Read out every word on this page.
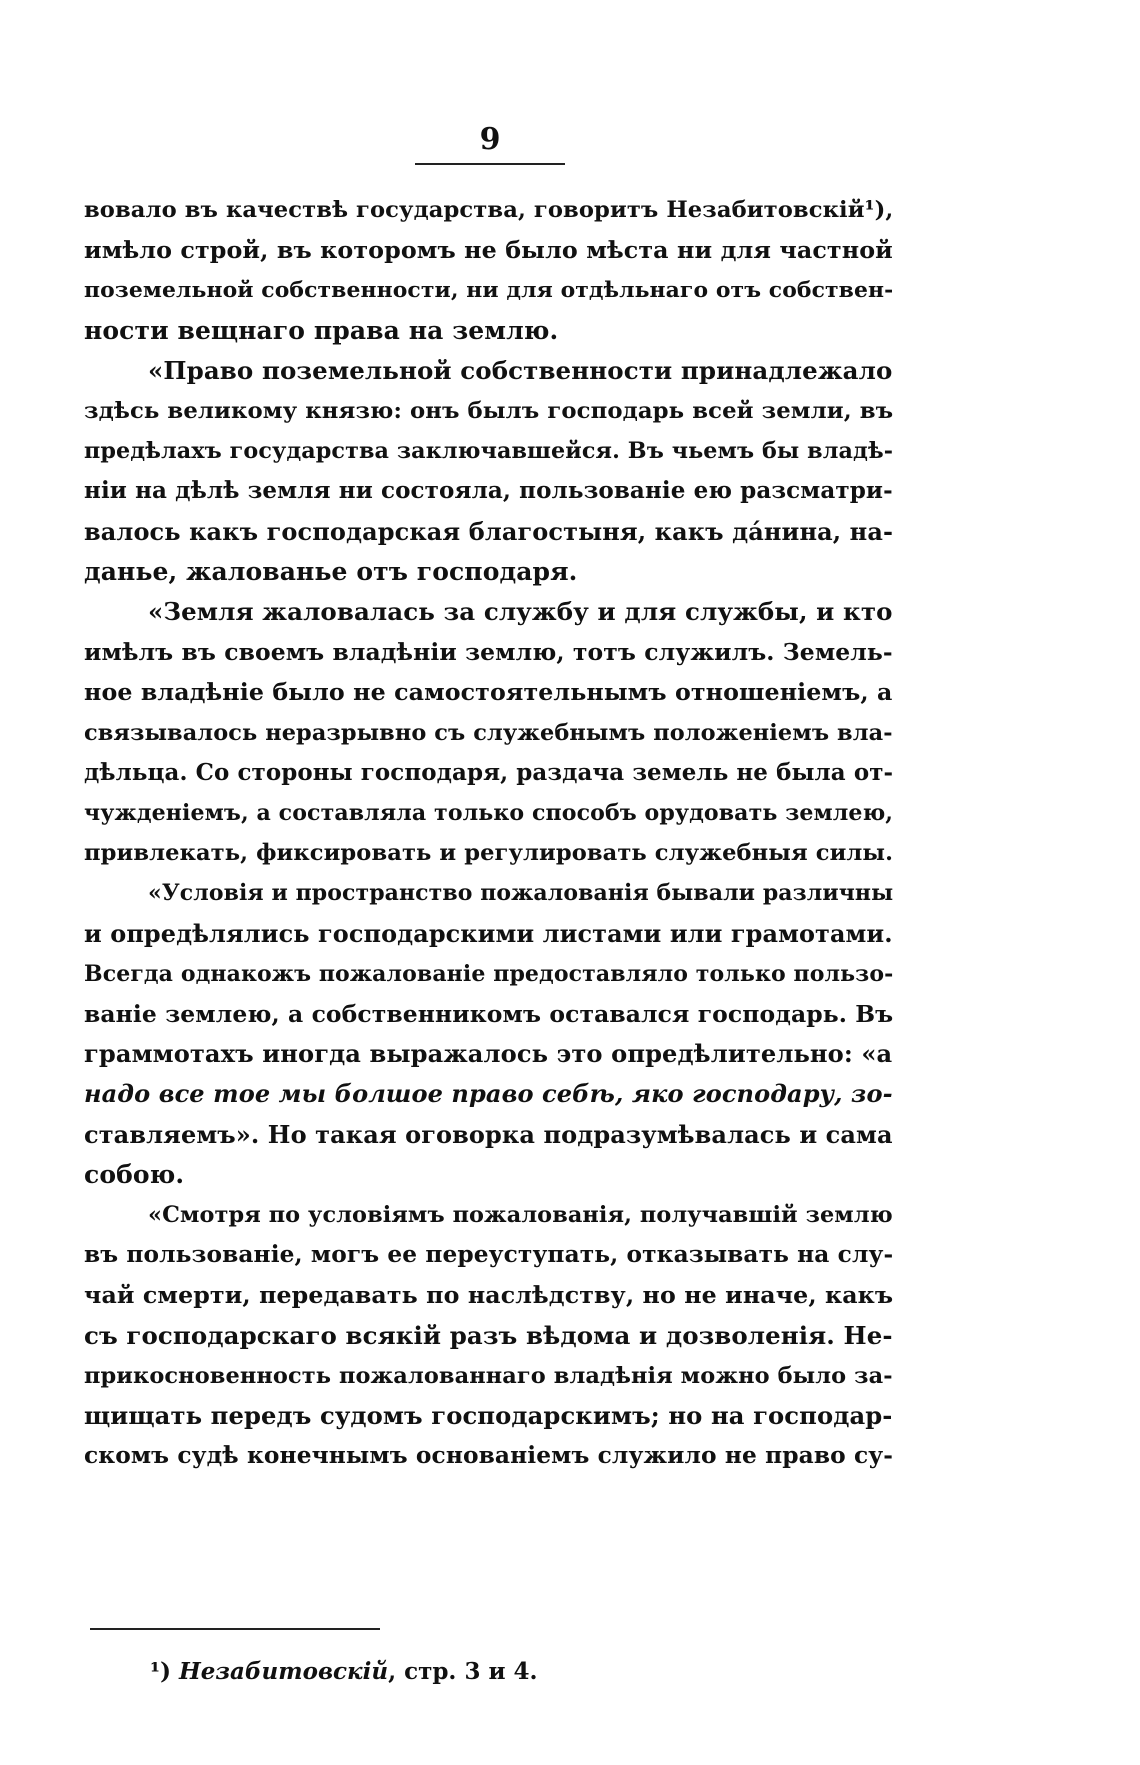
9
вовало въ качествѣ государства, говоритъ Незабитовскій¹),
имѣло строй, въ которомъ не было мѣста ни для частной
поземельной собственности, ни для отдѣльнаго отъ собствен-
ности вещнаго права на землю.
«Право поземельной собственности принадлежало
здѣсь великому князю: онъ былъ господарь всей земли, въ
предѣлахъ государства заключавшейся. Въ чьемъ бы владѣ-
ніи на дѣлѣ земля ни состояла, пользованіе ею разсматри-
валось какъ господарская благостыня, какъ дáнина, на-
данье, жалованье отъ господаря.
«Земля жаловалась за службу и для службы, и кто
имѣлъ въ своемъ владѣніи землю, тотъ служилъ. Земель-
ное владѣніе было не самостоятельнымъ отношеніемъ, а
связывалось неразрывно съ служебнымъ положеніемъ вла-
дѣльца. Со стороны господаря, раздача земель не была от-
чужденіемъ, а составляла только способъ орудовать землею,
привлекать, фиксировать и регулировать служебныя силы.
«Условія и пространство пожалованія бывали различны
и опредѣлялись господарскими листами или грамотами.
Всегда однакожъ пожалованіе предоставляло только пользо-
ваніе землею, а собственникомъ оставался господарь. Въ
граммотахъ иногда выражалось это опредѣлительно: «а
надо все тое мы болшое право себѣ, яко господару, зо-
ставляемъ». Но такая оговорка подразумѣвалась и сама
собою.
«Смотря по условіямъ пожалованія, получавшій землю
въ пользованіе, могъ ее переуступать, отказывать на слу-
чай смерти, передавать по наслѣдству, но не иначе, какъ
съ господарскаго всякій разъ вѣдома и дозволенія. Не-
прикосновенность пожалованнаго владѣнія можно было за-
щищать передъ судомъ господарскимъ; но на господар-
скомъ судѣ конечнымъ основаніемъ служило не право су-
¹) Незабитовскій, стр. 3 и 4.
